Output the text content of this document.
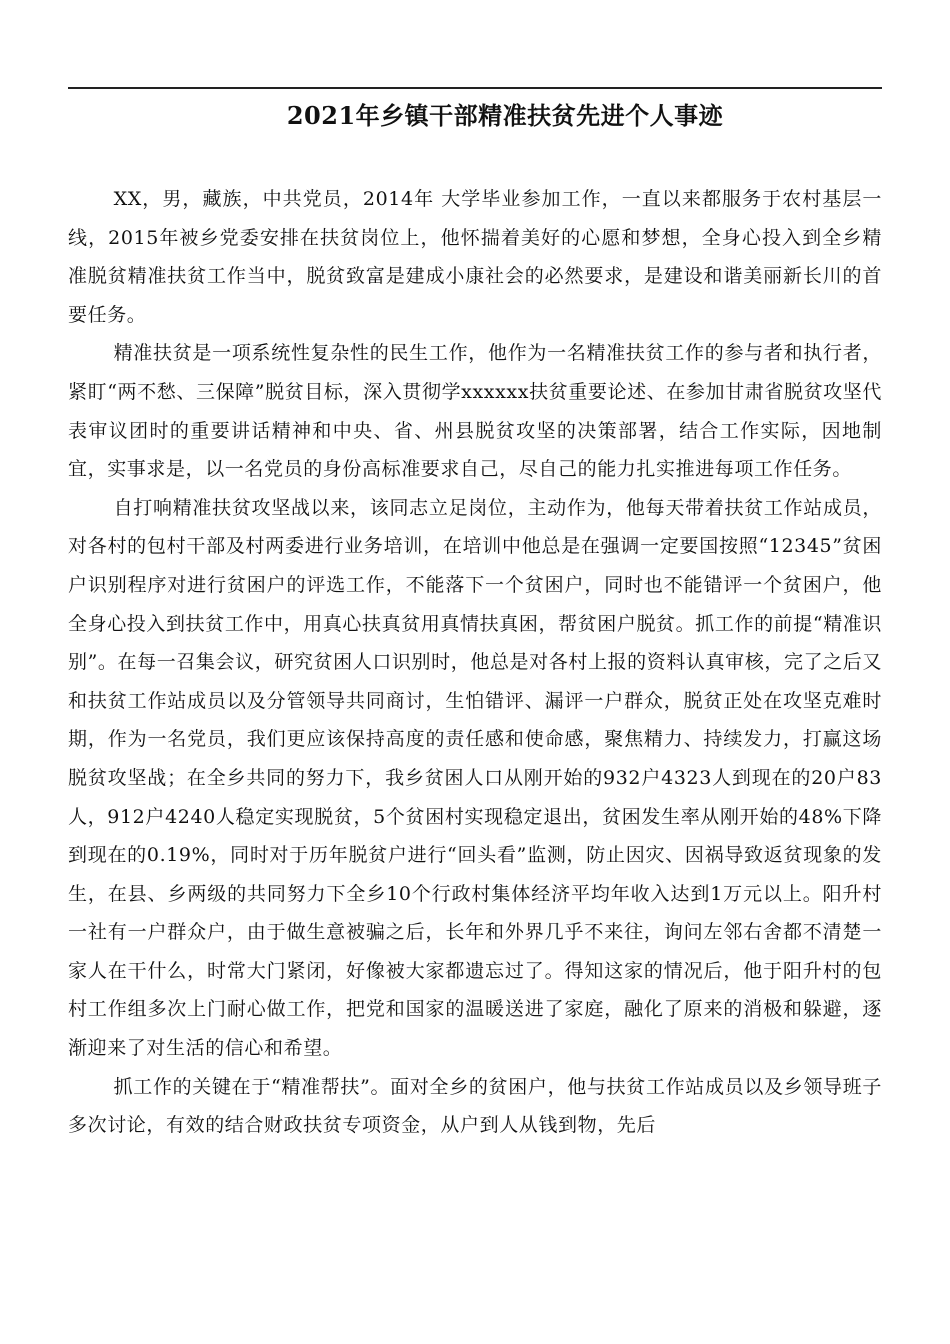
2021年乡镇干部精准扶贫先进个人事迹

XX，男，藏族，中共党员，2014年 大学毕业参加工作，一直以来都服务于农村基层一线，2015年被乡党委安排在扶贫岗位上，他怀揣着美好的心愿和梦想，全身心投入到全乡精准脱贫精准扶贫工作当中，脱贫致富是建成小康社会的必然要求，是建设和谐美丽新长川的首要任务。

精准扶贫是一项系统性复杂性的民生工作，他作为一名精准扶贫工作的参与者和执行者，紧盯“两不愁、三保障”脱贫目标，深入贯彻学xxxxxx扶贫重要论述、在参加甘肃省脱贫攻坚代表审议团时的重要讲话精神和中央、省、州县脱贫攻坚的决策部署，结合工作实际，因地制宜，实事求是，以一名党员的身份高标准要求自己，尽自己的能力扎实推进每项工作任务。

自打响精准扶贫攻坚战以来，该同志立足岗位，主动作为，他每天带着扶贫工作站成员，对各村的包村干部及村两委进行业务培训，在培训中他总是在强调一定要国按照“12345”贫困户识别程序对进行贫困户的评选工作，不能落下一个贫困户，同时也不能错评一个贫困户，他全身心投入到扶贫工作中，用真心扶真贫用真情扶真困，帮贫困户脱贫。抓工作的前提“精准识别”。在每一召集会议，研究贫困人口识别时，他总是对各村上报的资料认真审核，完了之后又和扶贫工作站成员以及分管领导共同商讨，生怕错评、漏评一户群众，脱贫正处在攻坚克难时期，作为一名党员，我们更应该保持高度的责任感和使命感，聚焦精力、持续发力，打赢这场脱贫攻坚战；在全乡共同的努力下，我乡贫困人口从刚开始的932户4323人到现在的20户83人，912户4240人稳定实现脱贫，5个贫困村实现稳定退出，贫困发生率从刚开始的48%下降到现在的0.19%，同时对于历年脱贫户进行“回头看”监测，防止因灾、因祸导致返贫现象的发生，在县、乡两级的共同努力下全乡10个行政村集体经济平均年收入达到1万元以上。阳升村一社有一户群众户，由于做生意被骗之后，长年和外界几乎不来往，询问左邻右舍都不清楚一家人在干什么，时常大门紧闭，好像被大家都遗忘过了。得知这家的情况后，他于阳升村的包村工作组多次上门耐心做工作，把党和国家的温暖送进了家庭，融化了原来的消极和躲避，逐渐迎来了对生活的信心和希望。

抓工作的关键在于“精准帮扶”。面对全乡的贫困户，他与扶贫工作站成员以及乡领导班子多次讨论，有效的结合财政扶贫专项资金，从户到人从钱到物，先后
